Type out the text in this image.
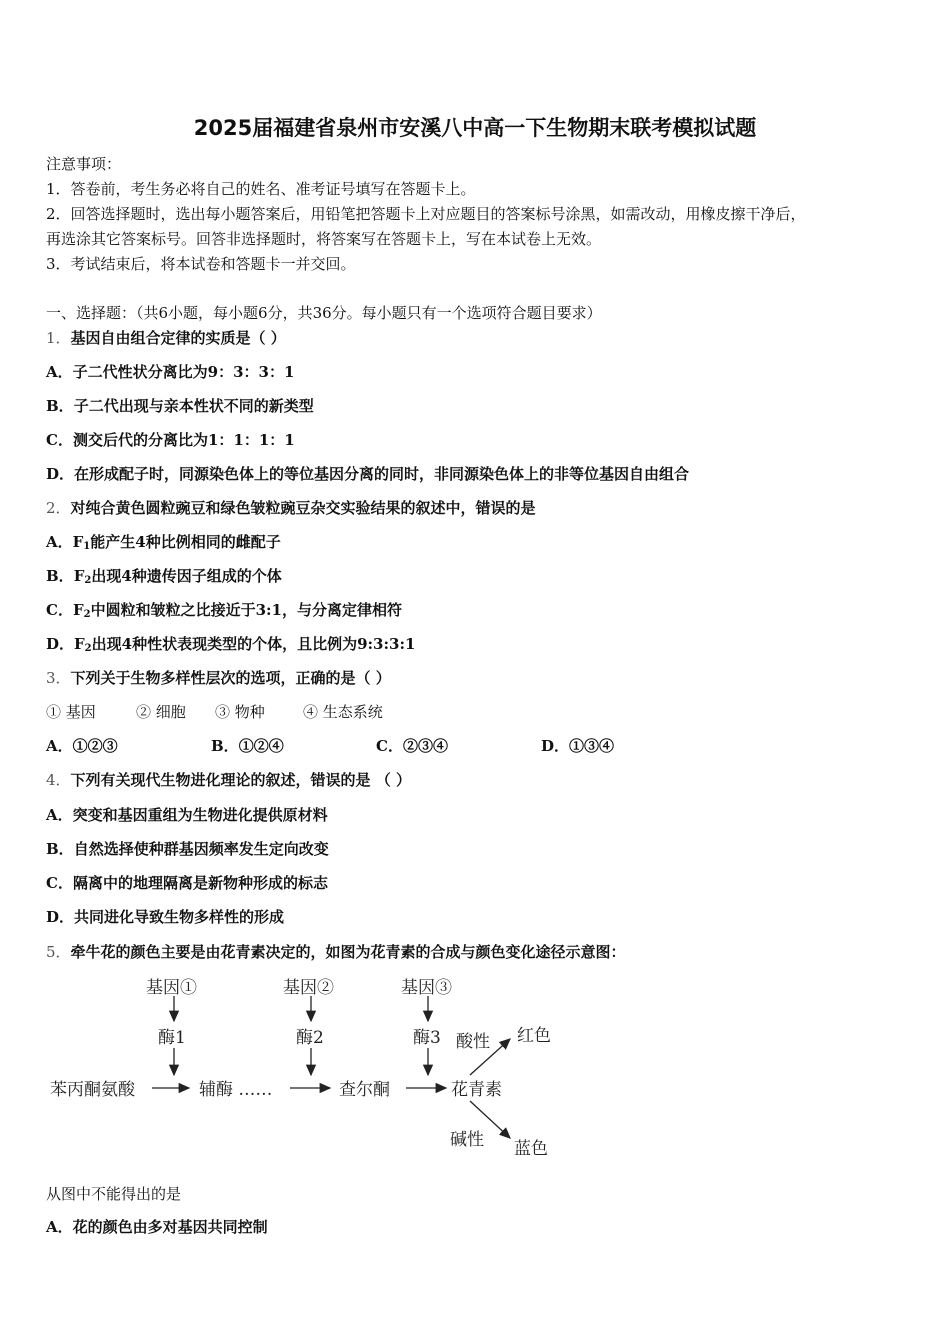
2025届福建省泉州市安溪八中高一下生物期末联考模拟试题
注意事项：
1．答卷前，考生务必将自己的姓名、准考证号填写在答题卡上。
2．回答选择题时，选出每小题答案后，用铅笔把答题卡上对应题目的答案标号涂黑，如需改动，用橡皮擦干净后，
再选涂其它答案标号。回答非选择题时，将答案写在答题卡上，写在本试卷上无效。
3．考试结束后，将本试卷和答题卡一并交回。
一、选择题：（共6小题，每小题6分，共36分。每小题只有一个选项符合题目要求）
1．基因自由组合定律的实质是（ ）
A．子二代性状分离比为9：3：3：1
B．子二代出现与亲本性状不同的新类型
C．测交后代的分离比为1：1：1：1
D．在形成配子时，同源染色体上的等位基因分离的同时，非同源染色体上的非等位基因自由组合
2．对纯合黄色圆粒豌豆和绿色皱粒豌豆杂交实验结果的叙述中，错误的是
A．$F_1$能产生4种比例相同的雌配子
B．$F_2$出现4种遗传因子组成的个体
C．$F_2$中圆粒和皱粒之比接近于3:1，与分离定律相符
D．$F_2$出现4种性状表现类型的个体，且比例为9:3:3:1
3．下列关于生物多样性层次的选项，正确的是（ ）
① 基因	② 细胞 ③ 物种	④ 生态系统
A．①②③	B．①②④	C．②③④	D．①③④
4．下列有关现代生物进化理论的叙述，错误的是 （ ）
A．突变和基因重组为生物进化提供原材料
B．自然选择使种群基因频率发生定向改变
C．隔离中的地理隔离是新物种形成的标志
D．共同进化导致生物多样性的形成
5．牵牛花的颜色主要是由花青素决定的，如图为花青素的合成与颜色变化途径示意图：
基因①	基因②	基因③
酶1	酶2	酶3
苯丙酮氨酸	辅酶 ……	查尔酮	花青素
酸性 红色
碱性 蓝色
从图中不能得出的是
A．花的颜色由多对基因共同控制
